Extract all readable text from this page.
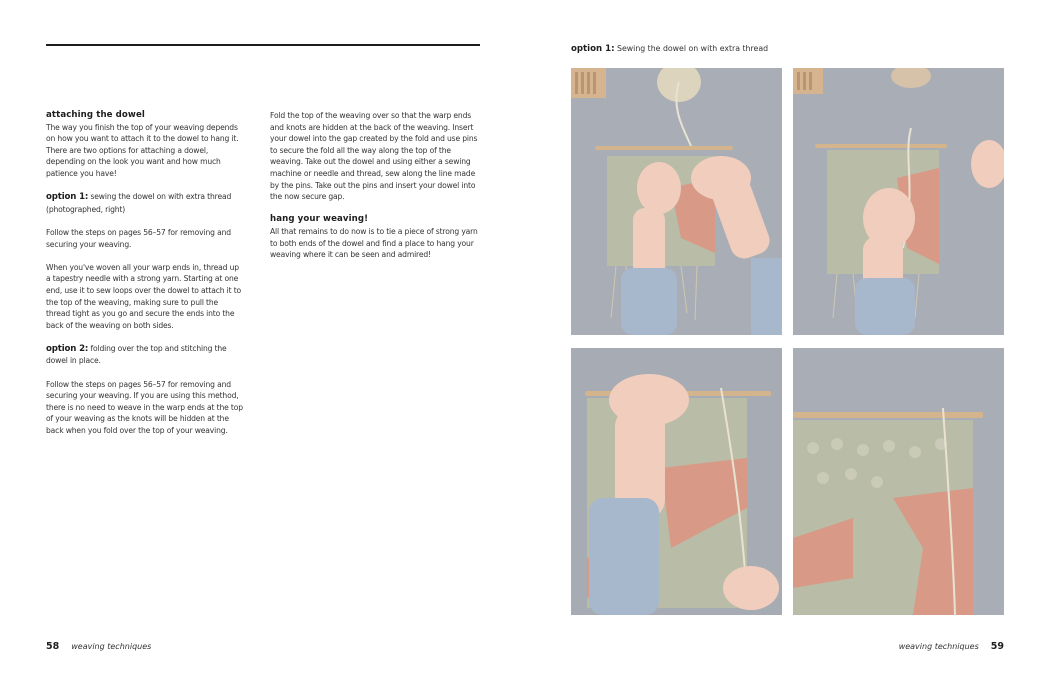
attaching the dowel
The way you finish the top of your weaving depends on how you want to attach it to the dowel to hang it. There are two options for attaching a dowel, depending on the look you want and how much patience you have!

option 1: sewing the dowel on with extra thread (photographed, right)

Follow the steps on pages 56–57 for removing and securing your weaving.

When you've woven all your warp ends in, thread up a tapestry needle with a strong yarn. Starting at one end, use it to sew loops over the dowel to attach it to the top of the weaving, making sure to pull the thread tight as you go and secure the ends into the back of the weaving on both sides.

option 2: folding over the top and stitching the dowel in place.

Follow the steps on pages 56–57 for removing and securing your weaving. If you are using this method, there is no need to weave in the warp ends at the top of your weaving as the knots will be hidden at the back when you fold over the top of your weaving.

Fold the top of the weaving over so that the warp ends and knots are hidden at the back of the weaving. Insert your dowel into the gap created by the fold and use pins to secure the fold all the way along the top of the weaving. Take out the dowel and using either a sewing machine or needle and thread, sew along the line made by the pins. Take out the pins and insert your dowel into the now secure gap.

hang your weaving!
All that remains to do now is to tie a piece of strong yarn to both ends of the dowel and find a place to hang your weaving where it can be seen and admired!

58 weaving techniques
option 1: Sewing the dowel on with extra thread
weaving techniques 59
